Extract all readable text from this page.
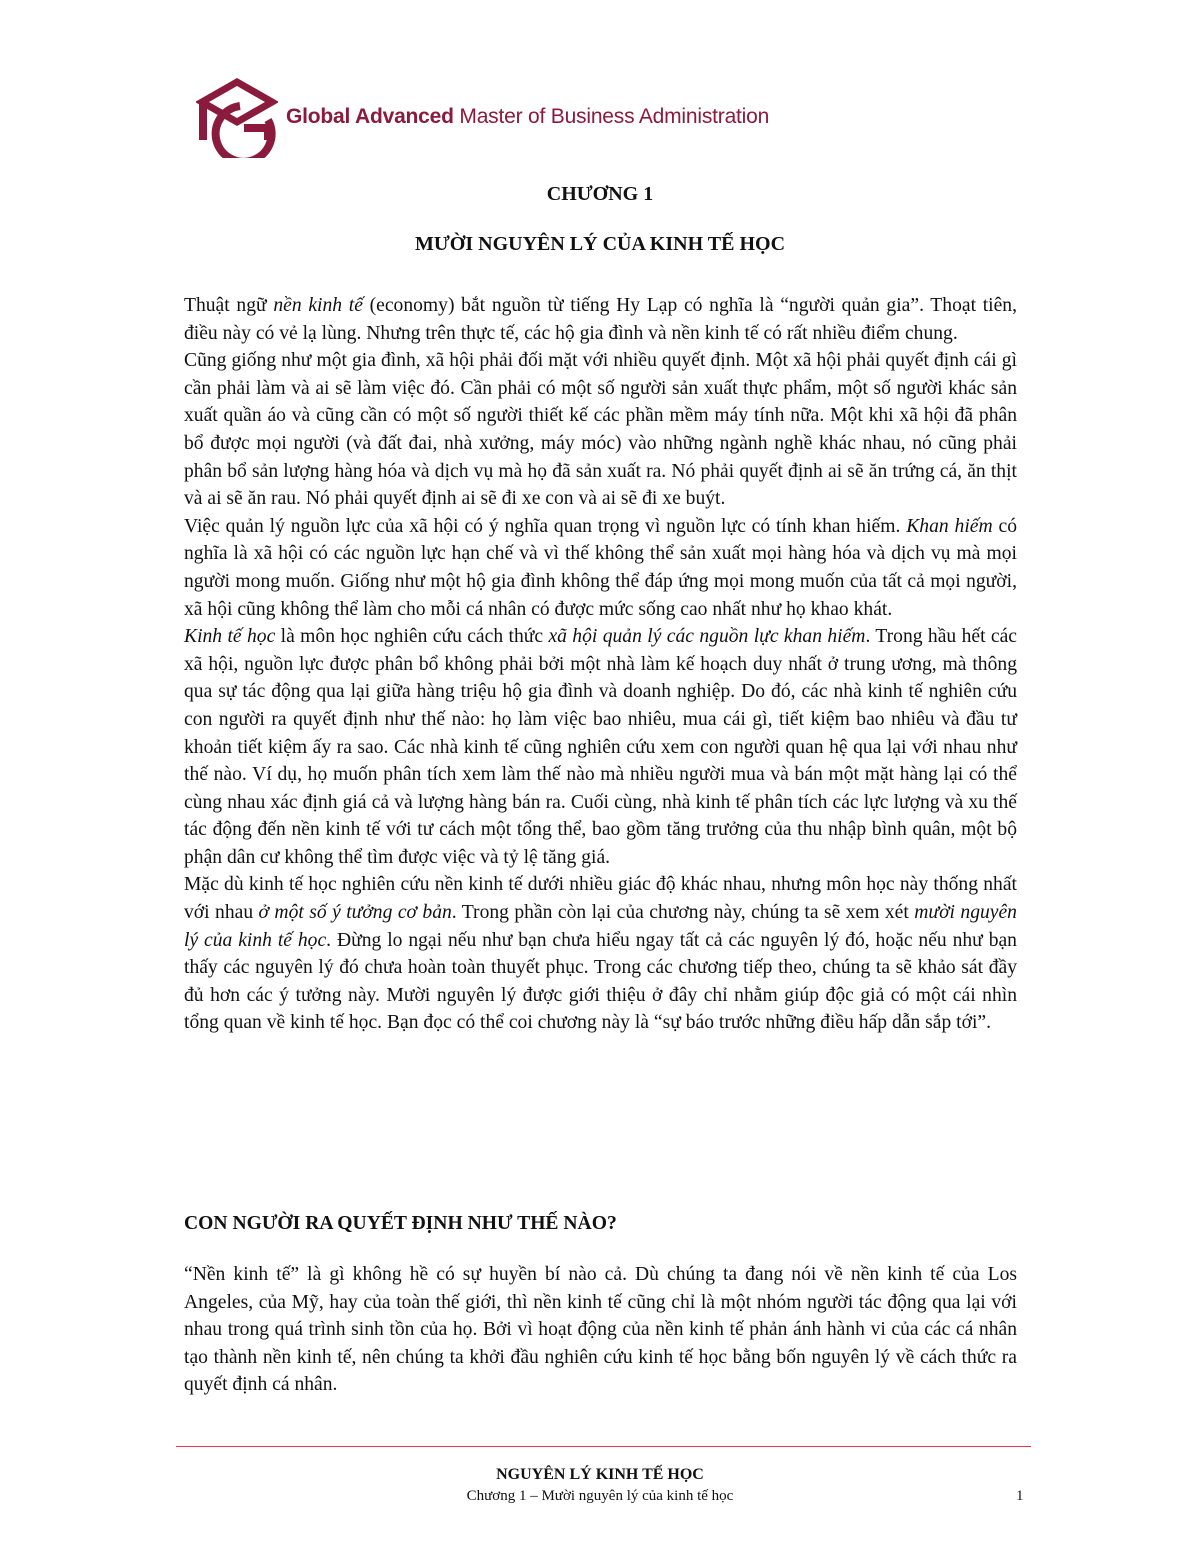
Global Advanced Master of Business Administration
CHƯƠNG 1
MƯỜI NGUYÊN LÝ CỦA KINH TẾ HỌC

Thuật ngữ nền kinh tế (economy) bắt nguồn từ tiếng Hy Lạp có nghĩa là “người quản gia”. Thoạt tiên, điều này có vẻ lạ lùng. Nhưng trên thực tế, các hộ gia đình và nền kinh tế có rất nhiều điểm chung.

Cũng giống như một gia đình, xã hội phải đối mặt với nhiều quyết định. Một xã hội phải quyết định cái gì cần phải làm và ai sẽ làm việc đó. Cần phải có một số người sản xuất thực phẩm, một số người khác sản xuất quần áo và cũng cần có một số người thiết kế các phần mềm máy tính nữa. Một khi xã hội đã phân bổ được mọi người (và đất đai, nhà xưởng, máy móc) vào những ngành nghề khác nhau, nó cũng phải phân bổ sản lượng hàng hóa và dịch vụ mà họ đã sản xuất ra. Nó phải quyết định ai sẽ ăn trứng cá, ăn thịt và ai sẽ ăn rau. Nó phải quyết định ai sẽ đi xe con và ai sẽ đi xe buýt.

Việc quản lý nguồn lực của xã hội có ý nghĩa quan trọng vì nguồn lực có tính khan hiếm. Khan hiếm có nghĩa là xã hội có các nguồn lực hạn chế và vì thế không thể sản xuất mọi hàng hóa và dịch vụ mà mọi người mong muốn. Giống như một hộ gia đình không thể đáp ứng mọi mong muốn của tất cả mọi người, xã hội cũng không thể làm cho mỗi cá nhân có được mức sống cao nhất như họ khao khát.

Kinh tế học là môn học nghiên cứu cách thức xã hội quản lý các nguồn lực khan hiếm. Trong hầu hết các xã hội, nguồn lực được phân bổ không phải bởi một nhà làm kế hoạch duy nhất ở trung ương, mà thông qua sự tác động qua lại giữa hàng triệu hộ gia đình và doanh nghiệp. Do đó, các nhà kinh tế nghiên cứu con người ra quyết định như thế nào: họ làm việc bao nhiêu, mua cái gì, tiết kiệm bao nhiêu và đầu tư khoản tiết kiệm ấy ra sao. Các nhà kinh tế cũng nghiên cứu xem con người quan hệ qua lại với nhau như thế nào. Ví dụ, họ muốn phân tích xem làm thế nào mà nhiều người mua và bán một mặt hàng lại có thể cùng nhau xác định giá cả và lượng hàng bán ra. Cuối cùng, nhà kinh tế phân tích các lực lượng và xu thế tác động đến nền kinh tế với tư cách một tổng thể, bao gồm tăng trưởng của thu nhập bình quân, một bộ phận dân cư không thể tìm được việc và tỷ lệ tăng giá.

Mặc dù kinh tế học nghiên cứu nền kinh tế dưới nhiều giác độ khác nhau, nhưng môn học này thống nhất với nhau ở một số ý tưởng cơ bản. Trong phần còn lại của chương này, chúng ta sẽ xem xét mười nguyên lý của kinh tế học. Đừng lo ngại nếu như bạn chưa hiểu ngay tất cả các nguyên lý đó, hoặc nếu như bạn thấy các nguyên lý đó chưa hoàn toàn thuyết phục. Trong các chương tiếp theo, chúng ta sẽ khảo sát đầy đủ hơn các ý tưởng này. Mười nguyên lý được giới thiệu ở đây chỉ nhằm giúp độc giả có một cái nhìn tổng quan về kinh tế học. Bạn đọc có thể coi chương này là “sự báo trước những điều hấp dẫn sắp tới”.

CON NGƯỜI RA QUYẾT ĐỊNH NHƯ THẾ NÀO?

“Nền kinh tế” là gì không hề có sự huyền bí nào cả. Dù chúng ta đang nói về nền kinh tế của Los Angeles, của Mỹ, hay của toàn thế giới, thì nền kinh tế cũng chỉ là một nhóm người tác động qua lại với nhau trong quá trình sinh tồn của họ. Bởi vì hoạt động của nền kinh tế phản ánh hành vi của các cá nhân tạo thành nền kinh tế, nên chúng ta khởi đầu nghiên cứu kinh tế học bằng bốn nguyên lý về cách thức ra quyết định cá nhân.

NGUYÊN LÝ KINH TẾ HỌC
Chương 1 – Mười nguyên lý của kinh tế học	1
